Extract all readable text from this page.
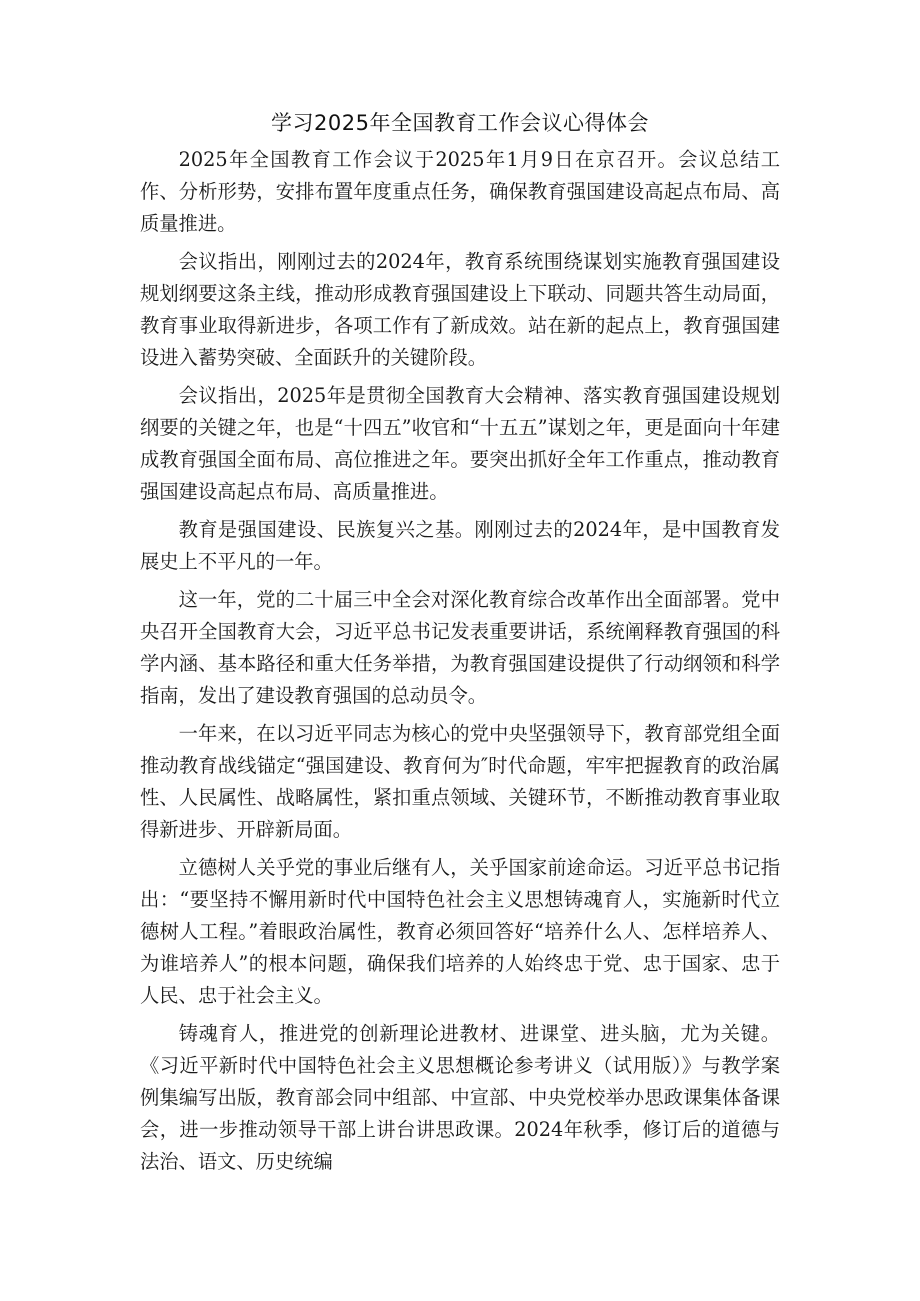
学习2025年全国教育工作会议心得体会

2025年全国教育工作会议于2025年1月9日在京召开。会议总结工作、分析形势，安排布置年度重点任务，确保教育强国建设高起点布局、高质量推进。

会议指出，刚刚过去的2024年，教育系统围绕谋划实施教育强国建设规划纲要这条主线，推动形成教育强国建设上下联动、同题共答生动局面，教育事业取得新进步，各项工作有了新成效。站在新的起点上，教育强国建设进入蓄势突破、全面跃升的关键阶段。

会议指出，2025年是贯彻全国教育大会精神、落实教育强国建设规划纲要的关键之年，也是“十四五”收官和“十五五”谋划之年，更是面向十年建成教育强国全面布局、高位推进之年。要突出抓好全年工作重点，推动教育强国建设高起点布局、高质量推进。

教育是强国建设、民族复兴之基。刚刚过去的2024年，是中国教育发展史上不平凡的一年。

这一年，党的二十届三中全会对深化教育综合改革作出全面部署。党中央召开全国教育大会，习近平总书记发表重要讲话，系统阐释教育强国的科学内涵、基本路径和重大任务举措，为教育强国建设提供了行动纲领和科学指南，发出了建设教育强国的总动员令。

一年来，在以习近平同志为核心的党中央坚强领导下，教育部党组全面推动教育战线锚定“强国建设、教育何为″时代命题，牢牢把握教育的政治属性、人民属性、战略属性，紧扣重点领域、关键环节，不断推动教育事业取得新进步、开辟新局面。

立德树人关乎党的事业后继有人，关乎国家前途命运。习近平总书记指出：“要坚持不懈用新时代中国特色社会主义思想铸魂育人，实施新时代立德树人工程。”着眼政治属性，教育必须回答好“培养什么人、怎样培养人、为谁培养人”的根本问题，确保我们培养的人始终忠于党、忠于国家、忠于人民、忠于社会主义。

铸魂育人，推进党的创新理论进教材、进课堂、进头脑，尤为关键。《习近平新时代中国特色社会主义思想概论参考讲义（试用版）》与教学案例集编写出版，教育部会同中组部、中宣部、中央党校举办思政课集体备课会，进一步推动领导干部上讲台讲思政课。2024年秋季，修订后的道德与法治、语文、历史统编
